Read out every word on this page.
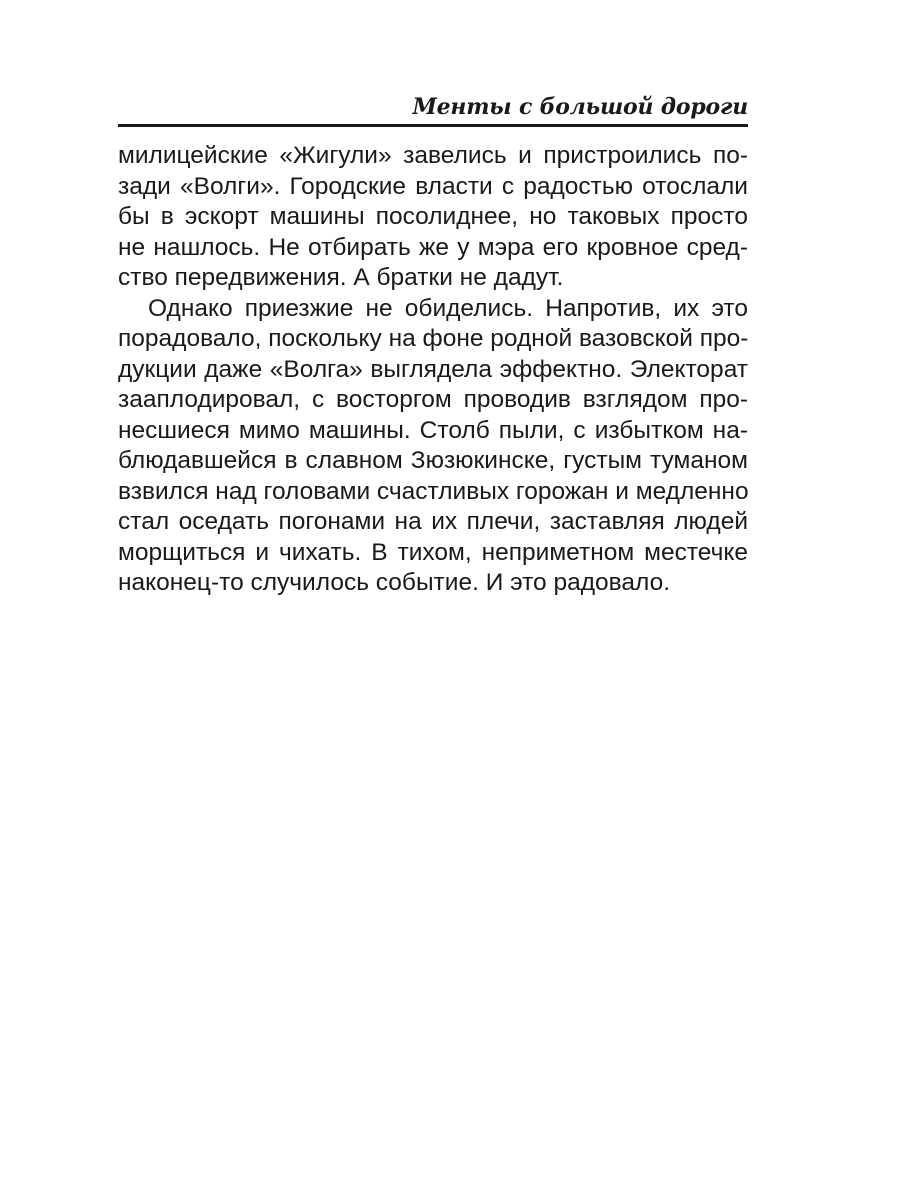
Менты с большой дороги
милицейские «Жигули» завелись и пристроились по-
зади «Волги». Городские власти с радостью отослали
бы в эскорт машины посолиднее, но таковых просто
не нашлось. Не отбирать же у мэра его кровное сред-
ство передвижения. А братки не дадут.
Однако приезжие не обиделись. Напротив, их это
порадовало, поскольку на фоне родной вазовской про-
дукции даже «Волга» выглядела эффектно. Электорат
зааплодировал, с восторгом проводив взглядом про-
несшиеся мимо машины. Столб пыли, с избытком на-
блюдавшейся в славном Зюзюкинске, густым туманом
взвился над головами счастливых горожан и медленно
стал оседать погонами на их плечи, заставляя людей
морщиться и чихать. В тихом, неприметном местечке
наконец-то случилось событие. И это радовало.
